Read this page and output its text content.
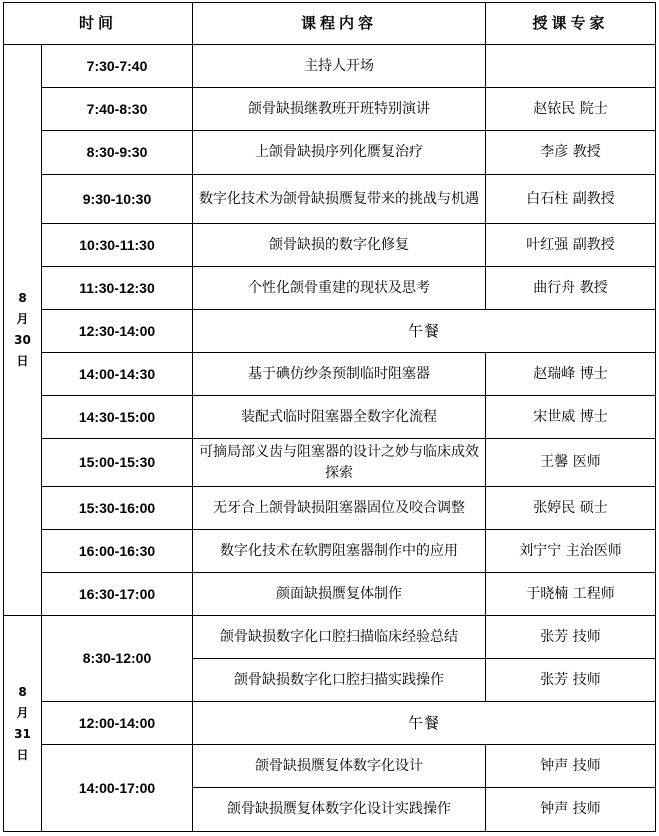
时间		课程内容	授课专家

8
月
30
日	7:30-7:40	主持人开场	
	7:40-8:30	颌骨缺损继教班开班特别演讲	赵铱民 院士
	8:30-9:30	上颌骨缺损序列化赝复治疗	李彦 教授
	9:30-10:30	数字化技术为颌骨缺损赝复带来的挑战与机遇	白石柱 副教授
	10:30-11:30	颌骨缺损的数字化修复	叶红强 副教授
	11:30-12:30	个性化颌骨重建的现状及思考	曲行舟 教授
	12:30-14:00	午餐	
	14:00-14:30	基于碘仿纱条预制临时阻塞器	赵瑞峰 博士
	14:30-15:00	装配式临时阻塞器全数字化流程	宋世威 博士
	15:00-15:30	可摘局部义齿与阻塞器的设计之妙与临床成效探索	王馨 医师
	15:30-16:00	无牙合上颌骨缺损阻塞器固位及咬合调整	张婷民 硕士
	16:00-16:30	数字化技术在软腭阻塞器制作中的应用	刘宁宁 主治医师
	16:30-17:00	颜面缺损赝复体制作	于晓楠 工程师

8
月
31
日	8:30-12:00	颌骨缺损数字化口腔扫描临床经验总结	张芳 技师
		颌骨缺损数字化口腔扫描实践操作	张芳 技师
	12:00-14:00	午餐	
	14:00-17:00	颌骨缺损赝复体数字化设计	钟声 技师
		颌骨缺损赝复体数字化设计实践操作	钟声 技师
